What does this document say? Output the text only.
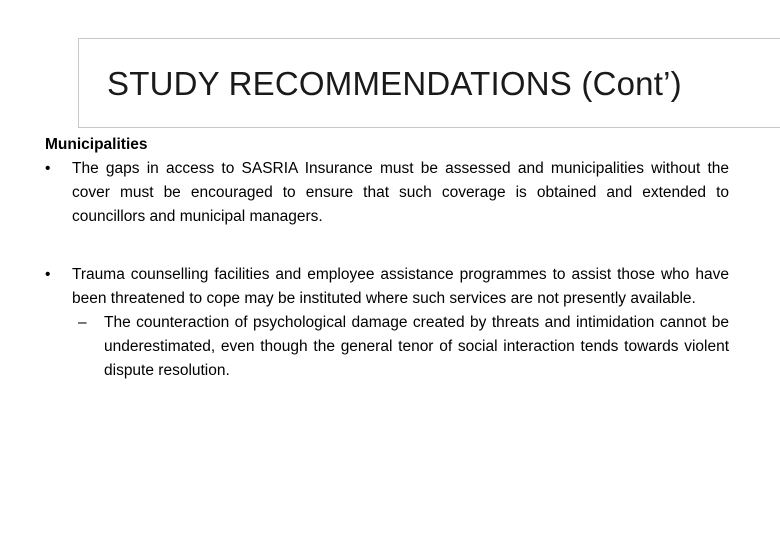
STUDY RECOMMENDATIONS (Cont’)

Municipalities

• The gaps in access to SASRIA Insurance must be assessed and municipalities without the cover must be encouraged to ensure that such coverage is obtained and extended to councillors and municipal managers.
• Trauma counselling facilities and employee assistance programmes to assist those who have been threatened to cope may be instituted where such services are not presently available.
– The counteraction of psychological damage created by threats and intimidation cannot be underestimated, even though the general tenor of social interaction tends towards violent dispute resolution.
